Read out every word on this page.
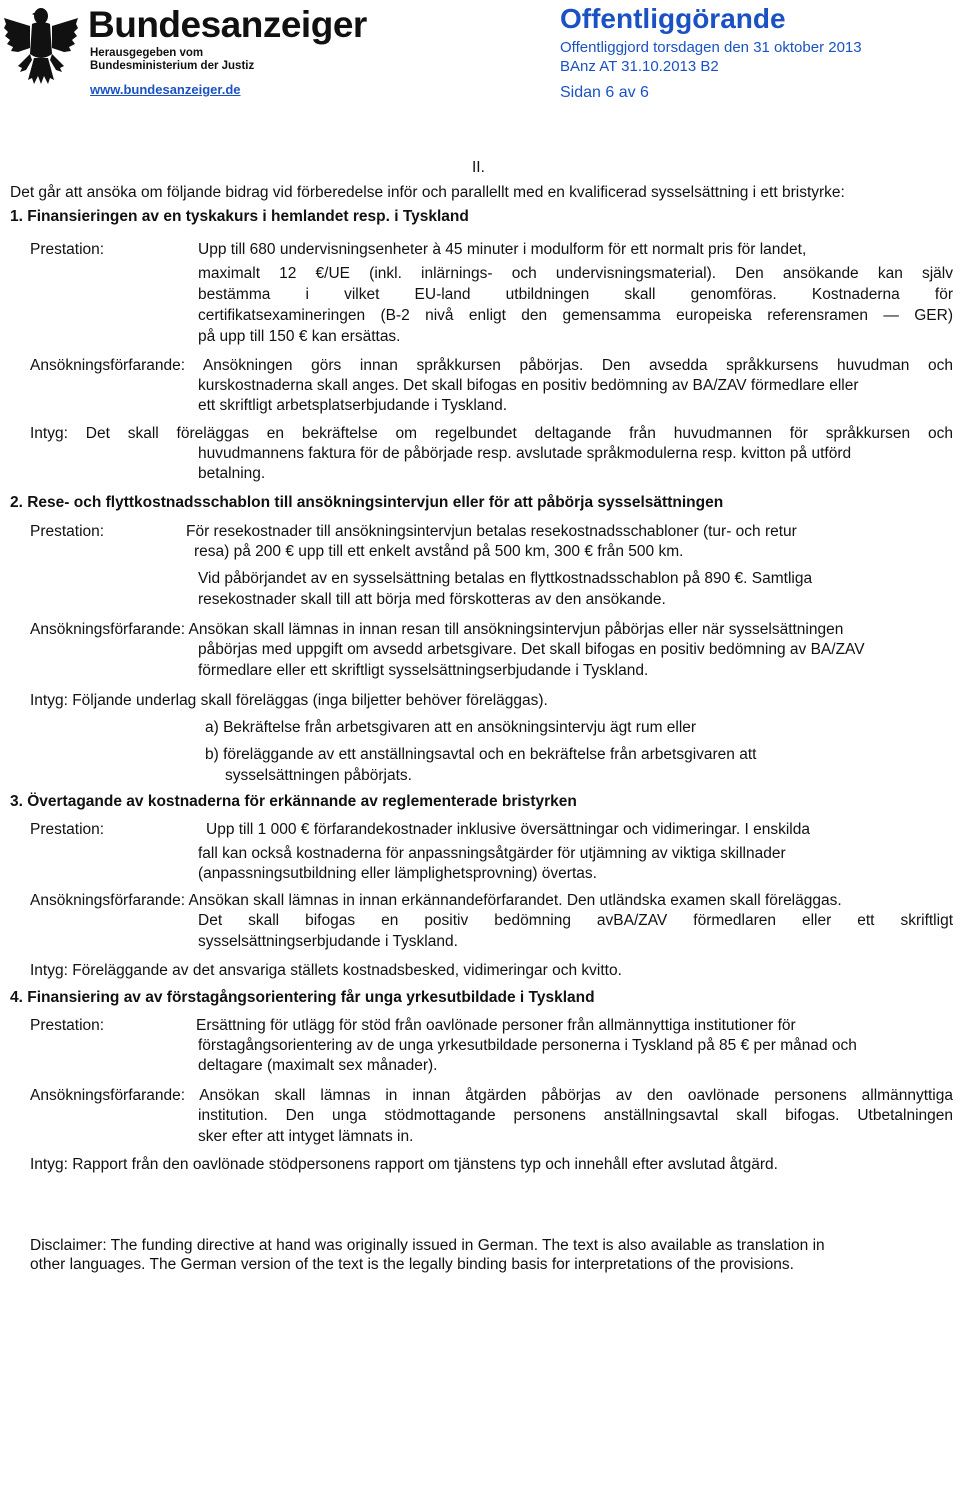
Bundesanzeiger
Herausgegeben vom
Bundesministerium der Justiz
www.bundesanzeiger.de
Offentliggörande
Offentliggjord torsdagen den 31 oktober 2013
BAnz AT 31.10.2013 B2
Sidan 6 av 6
II.
Det går att ansöka om följande bidrag vid förberedelse inför och parallellt med en kvalificerad sysselsättning i ett bristyrke:
1. Finansieringen av en tyskakurs i hemlandet resp. i Tyskland
Prestation:	Upp till 680 undervisningsenheter à 45 minuter i modulform för ett normalt pris för landet,
maximalt 12 €/UE (inkl. inlärnings- och undervisningsmaterial). Den ansökande kan själv
bestämma i vilket EU-land utbildningen skall genomföras. Kostnaderna för
certifikatsexamineringen (B-2 nivå enligt den gemensamma europeiska referensramen — GER)
på upp till 150 € kan ersättas.
Ansökningsförfarande: Ansökningen görs innan språkkursen påbörjas. Den avsedda språkkursens huvudman och
kurskostnaderna skall anges. Det skall bifogas en positiv bedömning av BA/ZAV förmedlare eller
ett skriftligt arbetsplatserbjudande i Tyskland.
Intyg: Det skall föreläggas en bekräftelse om regelbundet deltagande från huvudmannen för språkkursen och
huvudmannens faktura för de påbörjade resp. avslutade språkmodulerna resp. kvitton på utförd
betalning.
2. Rese- och flyttkostnadsschablon till ansökningsintervjun eller för att påbörja sysselsättningen
Prestation:	För resekostnader till ansökningsintervjun betalas resekostnadsschabloner (tur- och retur
resa) på 200 € upp till ett enkelt avstånd på 500 km, 300 € från 500 km.
Vid påbörjandet av en sysselsättning betalas en flyttkostnadsschablon på 890 €. Samtliga
resekostnader skall till att börja med förskotteras av den ansökande.
Ansökningsförfarande: Ansökan skall lämnas in innan resan till ansökningsintervjun påbörjas eller när sysselsättningen
påbörjas med uppgift om avsedd arbetsgivare. Det skall bifogas en positiv bedömning av BA/ZAV
förmedlare eller ett skriftligt sysselsättningserbjudande i Tyskland.
Intyg: Följande underlag skall föreläggas (inga biljetter behöver föreläggas).
a) Bekräftelse från arbetsgivaren att en ansökningsintervju ägt rum eller
b) föreläggande av ett anställningsavtal och en bekräftelse från arbetsgivaren att
sysselsättningen påbörjats.
3. Övertagande av kostnaderna för erkännande av reglementerade bristyrken
Prestation:	Upp till 1 000 € förfarandekostnader inklusive översättningar och vidimeringar. I enskilda
fall kan också kostnaderna för anpassningsåtgärder för utjämning av viktiga skillnader
(anpassningsutbildning eller lämplighetsprovning) övertas.
Ansökningsförfarande: Ansökan skall lämnas in innan erkännandeförfarandet. Den utländska examen skall föreläggas.
Det skall bifogas en positiv bedömning avBA/ZAV förmedlaren eller ett skriftligt
sysselsättningserbjudande i Tyskland.
Intyg: Föreläggande av det ansvariga ställets kostnadsbesked, vidimeringar och kvitto.
4. Finansiering av av förstagångsorientering får unga yrkesutbildade i Tyskland
Prestation:	Ersättning för utlägg för stöd från oavlönade personer från allmännyttiga institutioner för
förstagångsorientering av de unga yrkesutbildade personerna i Tyskland på 85 € per månad och
deltagare (maximalt sex månader).
Ansökningsförfarande: Ansökan skall lämnas in innan åtgärden påbörjas av den oavlönade personens allmännyttiga
institution. Den unga stödmottagande personens anställningsavtal skall bifogas. Utbetalningen
sker efter att intyget lämnats in.
Intyg: Rapport från den oavlönade stödpersonens rapport om tjänstens typ och innehåll efter avslutad åtgärd.
Disclaimer: The funding directive at hand was originally issued in German. The text is also available as translation in
other languages. The German version of the text is the legally binding basis for interpretations of the provisions.
